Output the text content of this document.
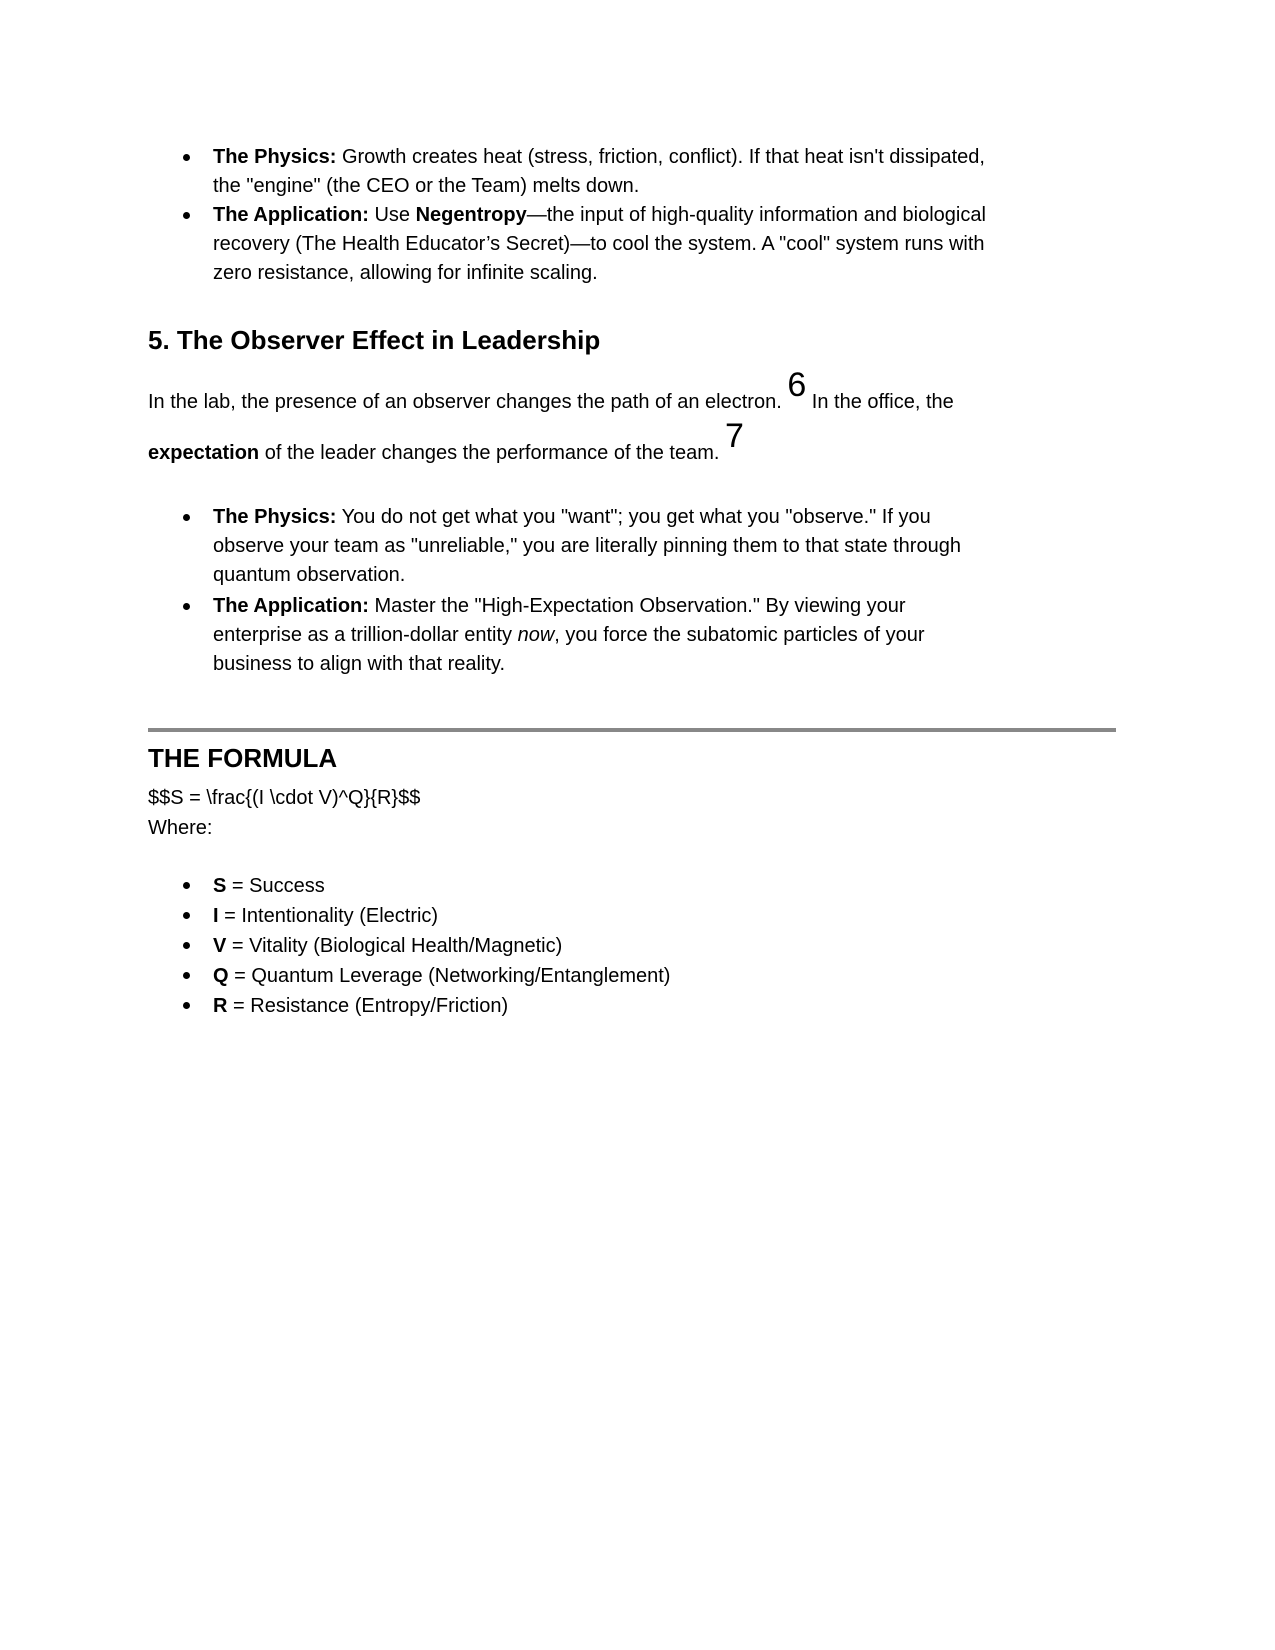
The Physics: Growth creates heat (stress, friction, conflict). If that heat isn't dissipated,
the "engine" (the CEO or the Team) melts down.
The Application: Use Negentropy—the input of high-quality information and biological
recovery (The Health Educator’s Secret)—to cool the system. A "cool" system runs with
zero resistance, allowing for infinite scaling.
5. The Observer Effect in Leadership
In the lab, the presence of an observer changes the path of an electron. 6 In the office, the
expectation of the leader changes the performance of the team. 7
The Physics: You do not get what you "want"; you get what you "observe." If you
observe your team as "unreliable," you are literally pinning them to that state through
quantum observation.
The Application: Master the "High-Expectation Observation." By viewing your
enterprise as a trillion-dollar entity now, you force the subatomic particles of your
business to align with that reality.
THE FORMULA
$$S = \frac{(I \cdot V)^Q}{R}$$
Where:
S = Success
I = Intentionality (Electric)
V = Vitality (Biological Health/Magnetic)
Q = Quantum Leverage (Networking/Entanglement)
R = Resistance (Entropy/Friction)
